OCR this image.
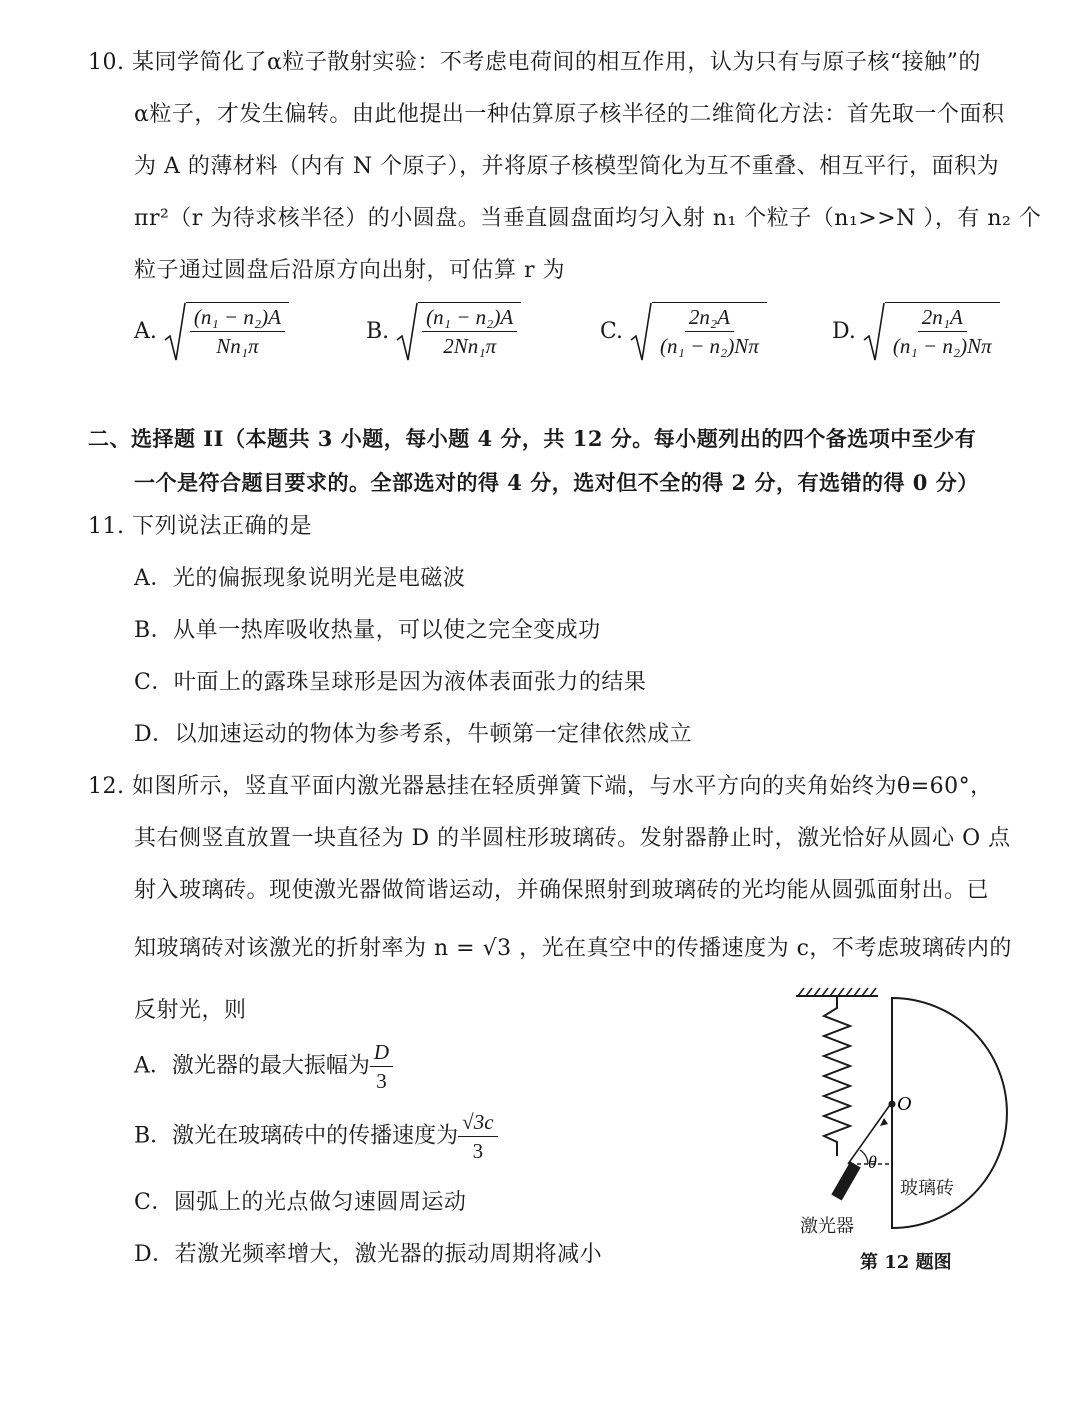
10. 某同学简化了α粒子散射实验：不考虑电荷间的相互作用，认为只有与原子核“接触”的
α粒子，才发生偏转。由此他提出一种估算原子核半径的二维简化方法：首先取一个面积
为 A 的薄材料（内有 N 个原子），并将原子核模型简化为互不重叠、相互平行，面积为
πr²（r 为待求核半径）的小圆盘。当垂直圆盘面均匀入射 n₁ 个粒子（n₁>>N ），有 n₂ 个
粒子通过圆盘后沿原方向出射，可估算 r 为
A. $\frac{\text{(n₁ − n₂)A}}{\text{Nn₁π}}$	B. $\frac{\text{(n₁ − n₂)A}}{\text{2Nn₁π}}$	C. $\frac{\text{2n₂A}}{\text{(n₁ − n₂)Nπ}}$	D. $\frac{\text{2n₁A}}{\text{(n₁ − n₂)Nπ}}$
二、选择题 II（本题共 3 小题，每小题 4 分，共 12 分。每小题列出的四个备选项中至少有
一个是符合题目要求的。全部选对的得 4 分，选对但不全的得 2 分，有选错的得 0 分）
11. 下列说法正确的是
A．光的偏振现象说明光是电磁波
B．从单一热库吸收热量，可以使之完全变成功
C．叶面上的露珠呈球形是因为液体表面张力的结果
D．以加速运动的物体为参考系，牛顿第一定律依然成立
12. 如图所示，竖直平面内激光器悬挂在轻质弹簧下端，与水平方向的夹角始终为θ=60°，
其右侧竖直放置一块直径为 D 的半圆柱形玻璃砖。发射器静止时，激光恰好从圆心 O 点
射入玻璃砖。现使激光器做简谐运动，并确保照射到玻璃砖的光均能从圆弧面射出。已
知玻璃砖对该激光的折射率为 n = √3 ，光在真空中的传播速度为 c，不考虑玻璃砖内的
反射光，则
A．激光器的最大振幅为 $\frac{D}{3}$
B．激光在玻璃砖中的传播速度为 $\frac{√3c}{3}$
C．圆弧上的光点做匀速圆周运动
D．若激光频率增大，激光器的振动周期将减小
O
θ
玻璃砖
激光器
第 12 题图
